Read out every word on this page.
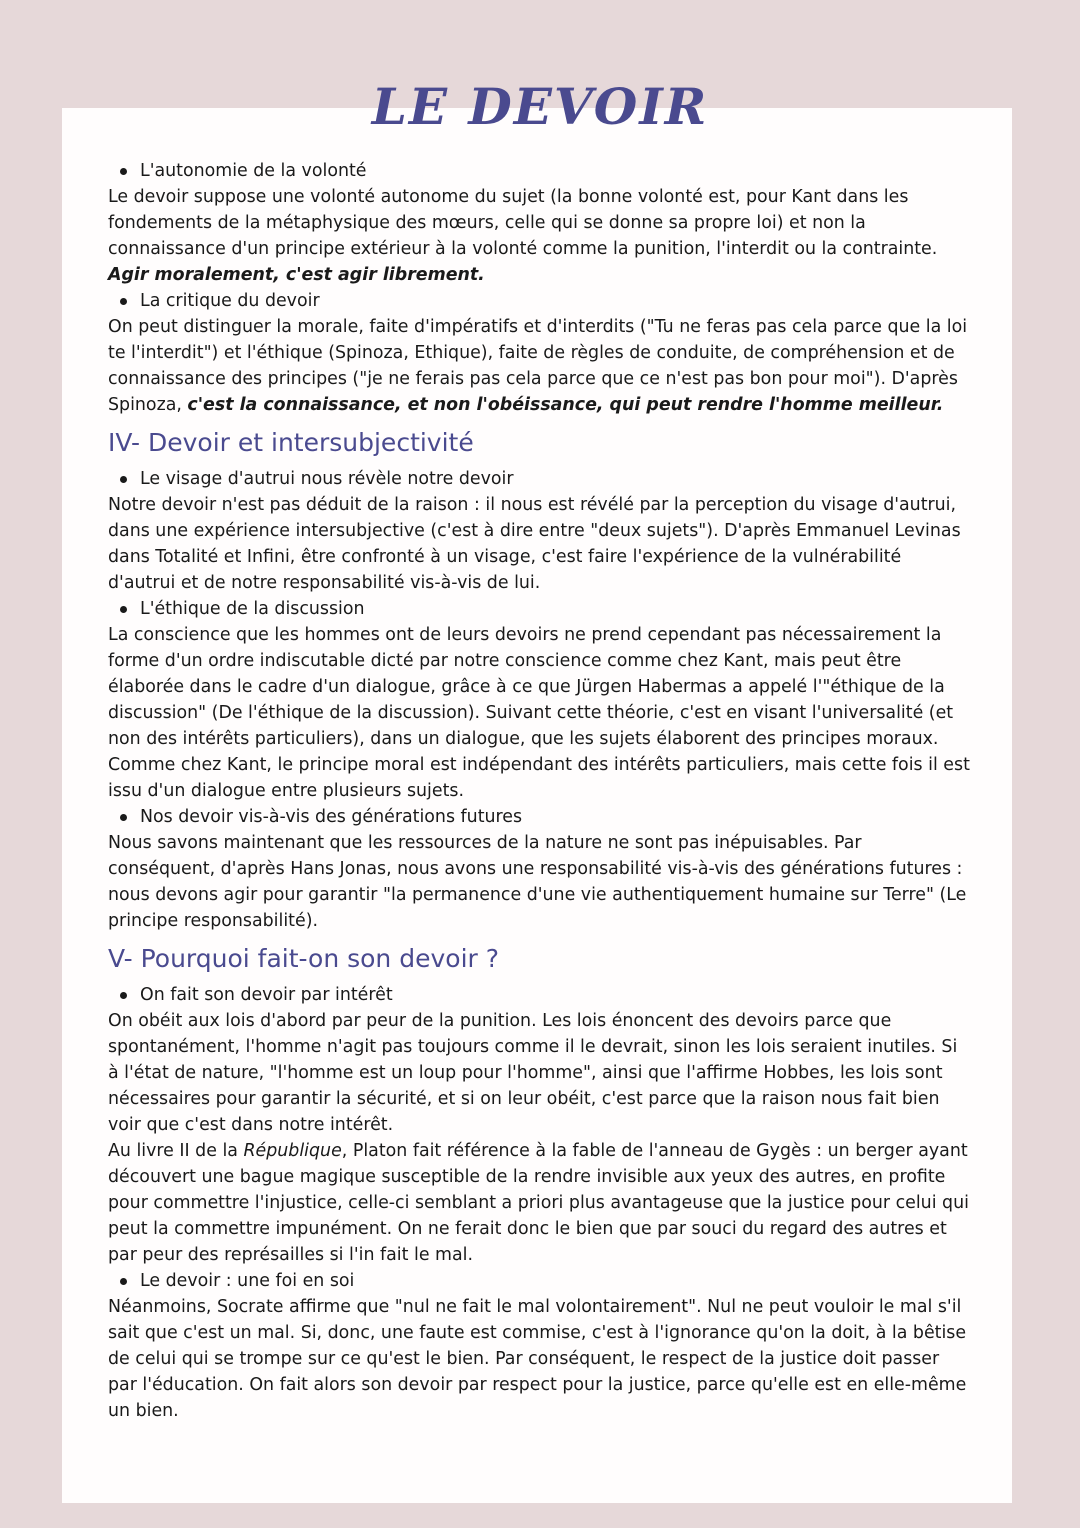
LE DEVOIR

L'autonomie de la volonté

Le devoir suppose une volonté autonome du sujet (la bonne volonté est, pour Kant dans les fondements de la métaphysique des mœurs, celle qui se donne sa propre loi) et non la connaissance d'un principe extérieur à la volonté comme la punition, l'interdit ou la contrainte. Agir moralement, c'est agir librement.

La critique du devoir

On peut distinguer la morale, faite d'impératifs et d'interdits ("Tu ne feras pas cela parce que la loi te l'interdit") et l'éthique (Spinoza, Ethique), faite de règles de conduite, de compréhension et de connaissance des principes ("je ne ferais pas cela parce que ce n'est pas bon pour moi"). D'après Spinoza, c'est la connaissance, et non l'obéissance, qui peut rendre l'homme meilleur.

IV- Devoir et intersubjectivité

Le visage d'autrui nous révèle notre devoir

Notre devoir n'est pas déduit de la raison : il nous est révélé par la perception du visage d'autrui, dans une expérience intersubjective (c'est à dire entre "deux sujets"). D'après Emmanuel Levinas dans Totalité et Infini, être confronté à un visage, c'est faire l'expérience de la vulnérabilité d'autrui et de notre responsabilité vis-à-vis de lui.

L'éthique de la discussion

La conscience que les hommes ont de leurs devoirs ne prend cependant pas nécessairement la forme d'un ordre indiscutable dicté par notre conscience comme chez Kant, mais peut être élaborée dans le cadre d'un dialogue, grâce à ce que Jürgen Habermas a appelé l'"éthique de la discussion" (De l'éthique de la discussion). Suivant cette théorie, c'est en visant l'universalité (et non des intérêts particuliers), dans un dialogue, que les sujets élaborent des principes moraux. Comme chez Kant, le principe moral est indépendant des intérêts particuliers, mais cette fois il est issu d'un dialogue entre plusieurs sujets.

Nos devoir vis-à-vis des générations futures

Nous savons maintenant que les ressources de la nature ne sont pas inépuisables. Par conséquent, d'après Hans Jonas, nous avons une responsabilité vis-à-vis des générations futures : nous devons agir pour garantir "la permanence d'une vie authentiquement humaine sur Terre" (Le principe responsabilité).

V- Pourquoi fait-on son devoir ?

On fait son devoir par intérêt

On obéit aux lois d'abord par peur de la punition. Les lois énoncent des devoirs parce que spontanément, l'homme n'agit pas toujours comme il le devrait, sinon les lois seraient inutiles. Si à l'état de nature, "l'homme est un loup pour l'homme", ainsi que l'affirme Hobbes, les lois sont nécessaires pour garantir la sécurité, et si on leur obéit, c'est parce que la raison nous fait bien voir que c'est dans notre intérêt.

Au livre II de la République, Platon fait référence à la fable de l'anneau de Gygès : un berger ayant découvert une bague magique susceptible de la rendre invisible aux yeux des autres, en profite pour commettre l'injustice, celle-ci semblant a priori plus avantageuse que la justice pour celui qui peut la commettre impunément. On ne ferait donc le bien que par souci du regard des autres et par peur des représailles si l'in fait le mal.

Le devoir : une foi en soi

Néanmoins, Socrate affirme que "nul ne fait le mal volontairement". Nul ne peut vouloir le mal s'il sait que c'est un mal. Si, donc, une faute est commise, c'est à l'ignorance qu'on la doit, à la bêtise de celui qui se trompe sur ce qu'est le bien. Par conséquent, le respect de la justice doit passer par l'éducation. On fait alors son devoir par respect pour la justice, parce qu'elle est en elle-même un bien.
